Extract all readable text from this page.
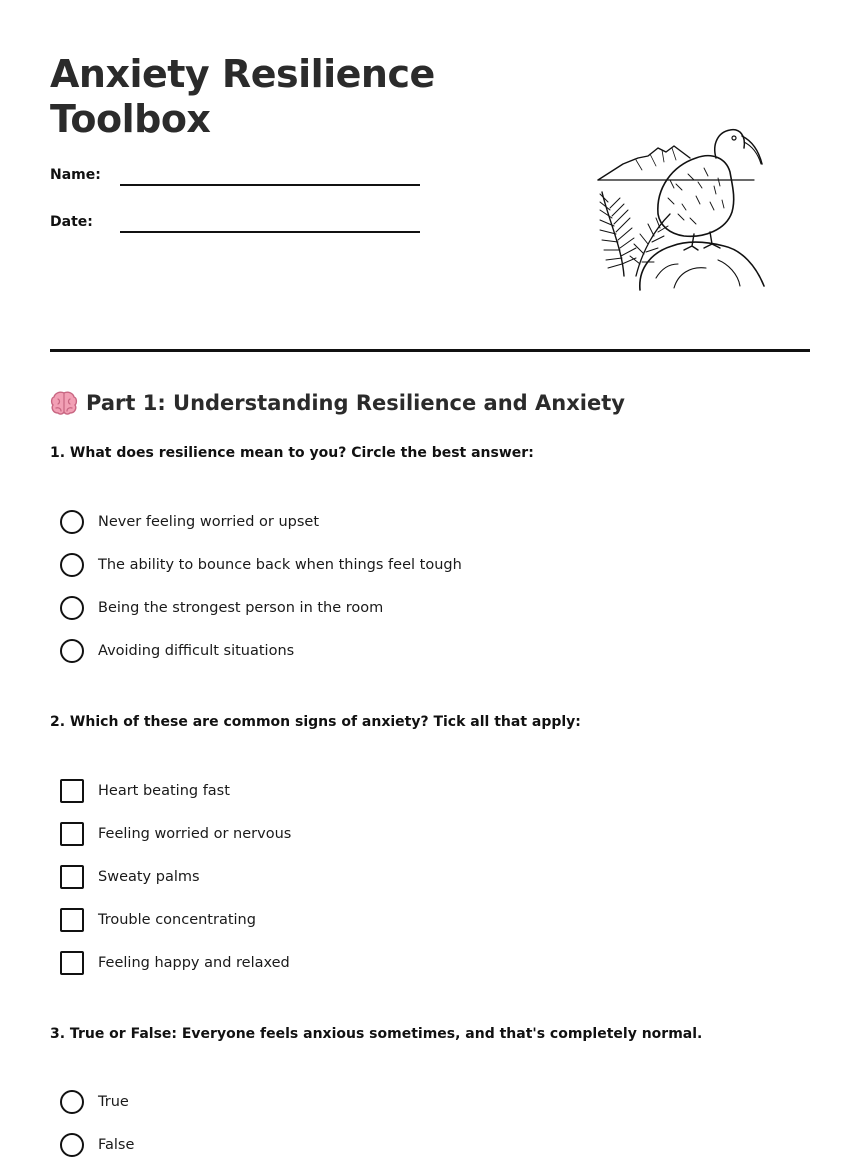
Anxiety Resilience
Toolbox
Name:
Date:
Part 1: Understanding Resilience and Anxiety
1. What does resilience mean to you? Circle the best answer:
Never feeling worried or upset
The ability to bounce back when things feel tough
Being the strongest person in the room
Avoiding difficult situations
2. Which of these are common signs of anxiety? Tick all that apply:
Heart beating fast
Feeling worried or nervous
Sweaty palms
Trouble concentrating
Feeling happy and relaxed
3. True or False: Everyone feels anxious sometimes, and that's completely normal.
True
False
